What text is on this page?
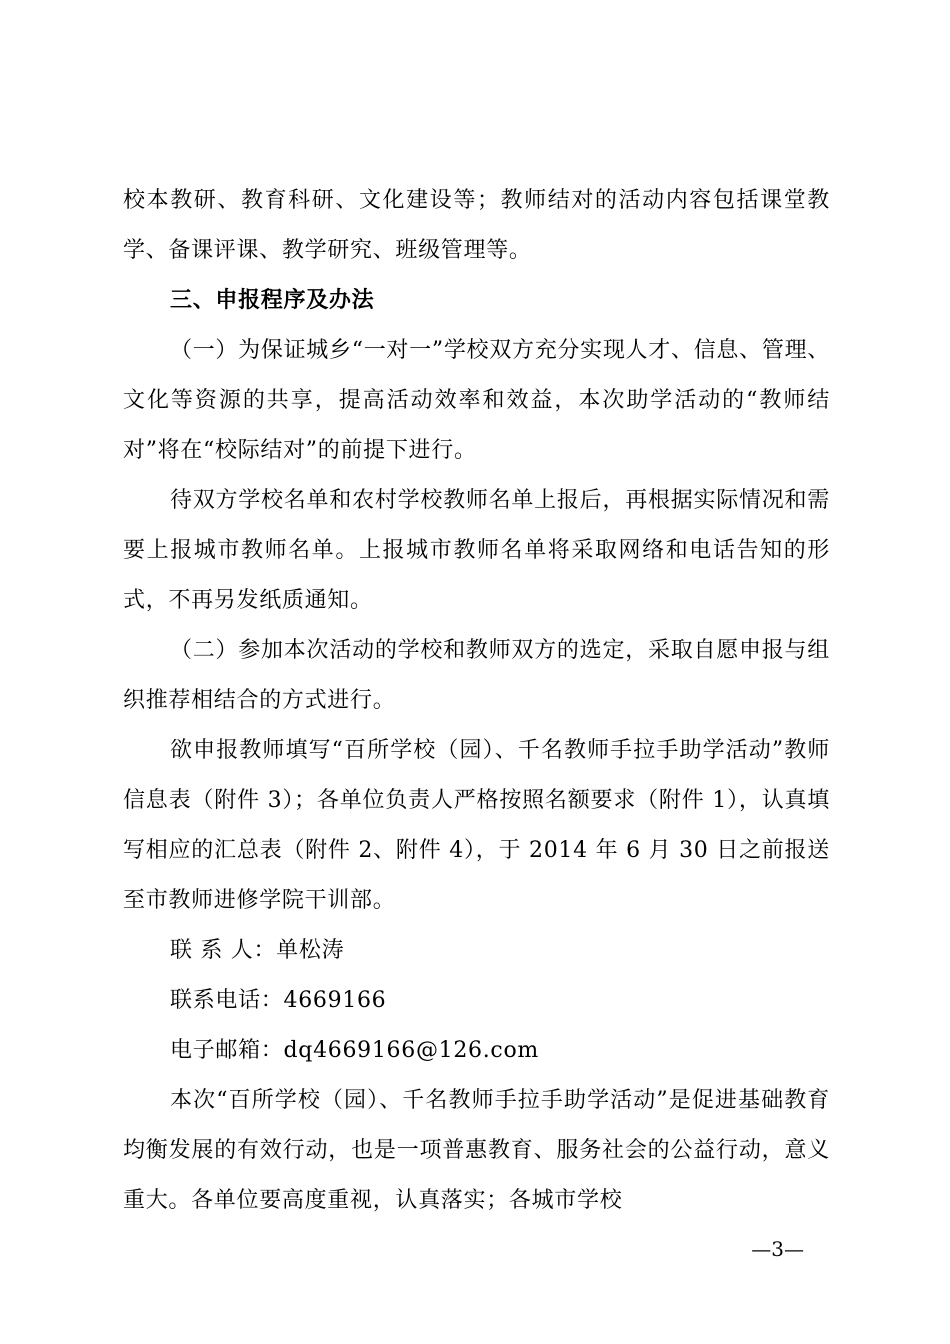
校本教研、教育科研、文化建设等；教师结对的活动内容包括课堂教学、备课评课、教学研究、班级管理等。

三、申报程序及办法

（一）为保证城乡“一对一”学校双方充分实现人才、信息、管理、文化等资源的共享，提高活动效率和效益，本次助学活动的“教师结对”将在“校际结对”的前提下进行。

待双方学校名单和农村学校教师名单上报后，再根据实际情况和需要上报城市教师名单。上报城市教师名单将采取网络和电话告知的形式，不再另发纸质通知。

（二）参加本次活动的学校和教师双方的选定，采取自愿申报与组织推荐相结合的方式进行。

欲申报教师填写“百所学校（园）、千名教师手拉手助学活动”教师信息表（附件 3）；各单位负责人严格按照名额要求（附件 1），认真填写相应的汇总表（附件 2、附件 4），于 2014 年 6 月 30 日之前报送至市教师进修学院干训部。

联 系 人：单松涛

联系电话：4669166

电子邮箱：dq4669166@126.com

本次“百所学校（园）、千名教师手拉手助学活动”是促进基础教育均衡发展的有效行动，也是一项普惠教育、服务社会的公益行动，意义重大。各单位要高度重视，认真落实；各城市学校

—3—
